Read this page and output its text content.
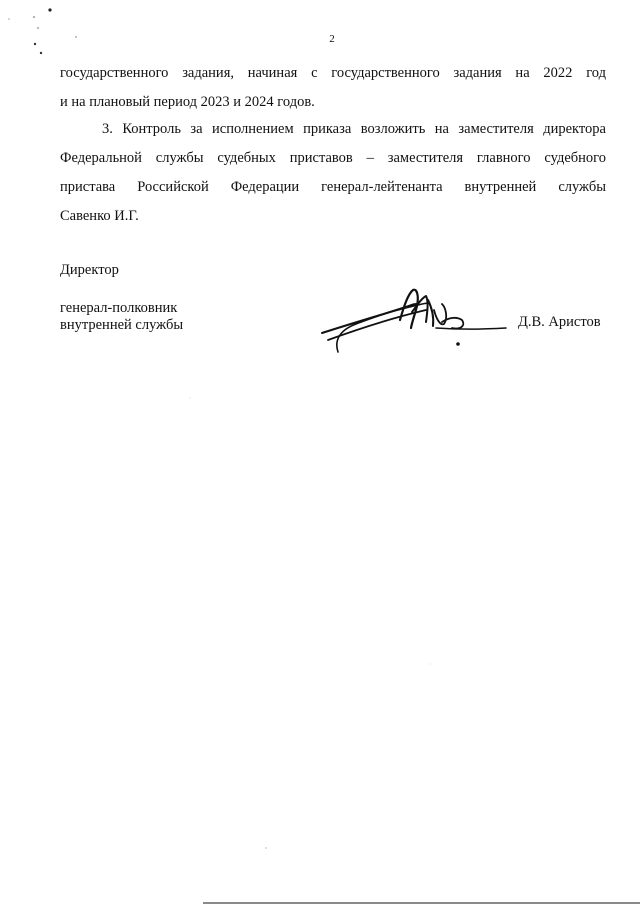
2
государственного задания, начиная с государственного задания на 2022 год
и на плановый период 2023 и 2024 годов.
3. Контроль за исполнением приказа возложить на заместителя директора
Федеральной службы судебных приставов – заместителя главного судебного
пристава Российской Федерации генерал-лейтенанта внутренней службы
Савенко И.Г.
Директор
генерал-полковник
внутренней службы	Д.В. Аристов
